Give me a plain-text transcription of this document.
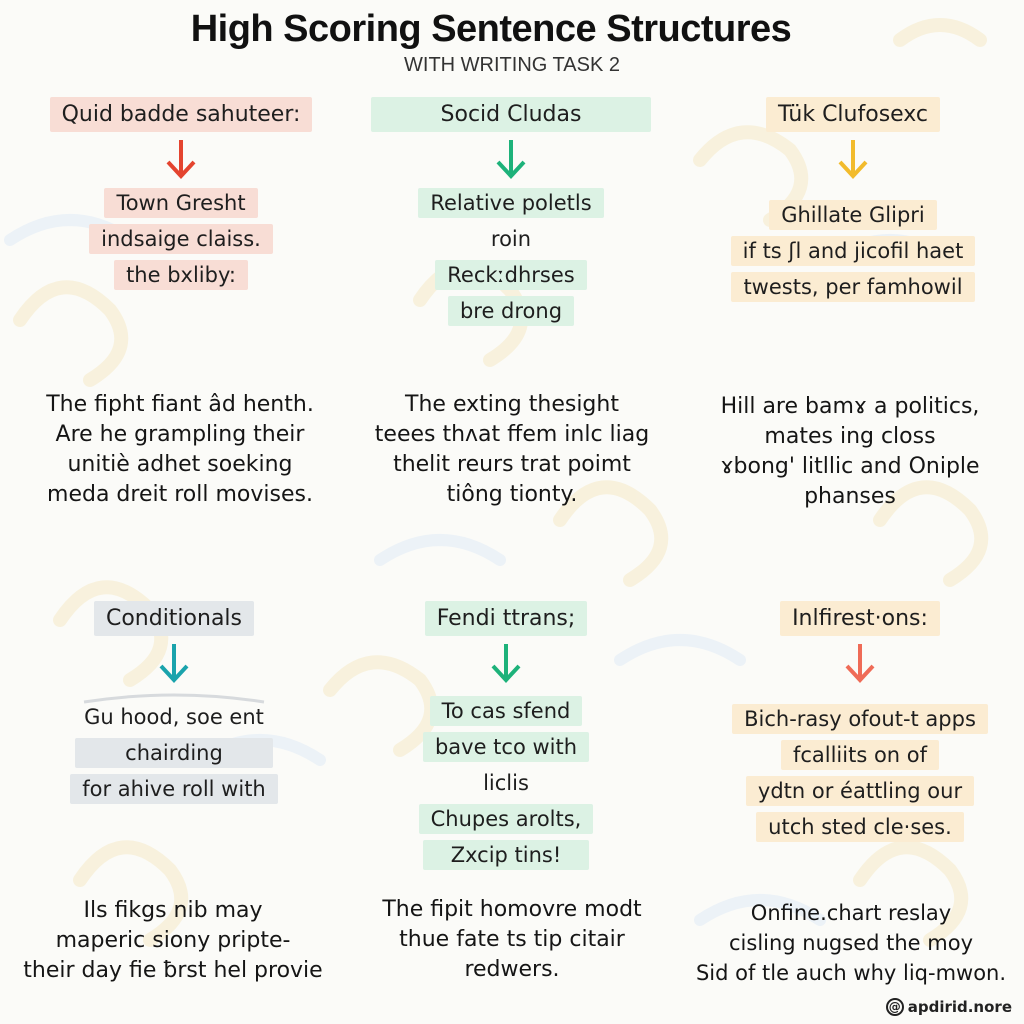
High Scoring Sentence Structures
WITH WRITING TASK 2
Quid badde sahuteer:
Town Gresht
indsaige claiss.
the bxliby:
The fipht fiant âd henth.
Are he grampling their
unitiè adhet soeking
meda dreit roll movises.
Socid Cludas
Relative poletls
roin
Reckːdhrses
bre drong
The exting thesight
teees thʌat ffem inlc liag
thelit reurs trat poimt
tiông tionty.
Tük Clufosexc
Ghillate Glipri
if ts ʃl and jicofil haet
twests, per famhowil
Hill are bamɤ a politics,
mates ing closs
ɤbong' litllic and Oniple
phanses
Conditionals
Gu hood, soe ent
chairding
for ahive roll with
Ils fikgs nib may
maperic siony pripte-
their day fie ƀrst hel provie
Fendi ttrans;
To cas sfend
bave tco with
liclis
Chupes arolts,
Zxcip tins!
The fipit homovre modt
thue fate ts tip citair
redwers.
Inlfirest·ons:
Bich-rasy ofout-t apps
fcalliits on of
ydtn or éattling our
utch sted cle·ses.
Onfine.chart reslay
cisling nugsed the moy
Sid of tle auch why liq-mwon.
@ apdirid.nore
